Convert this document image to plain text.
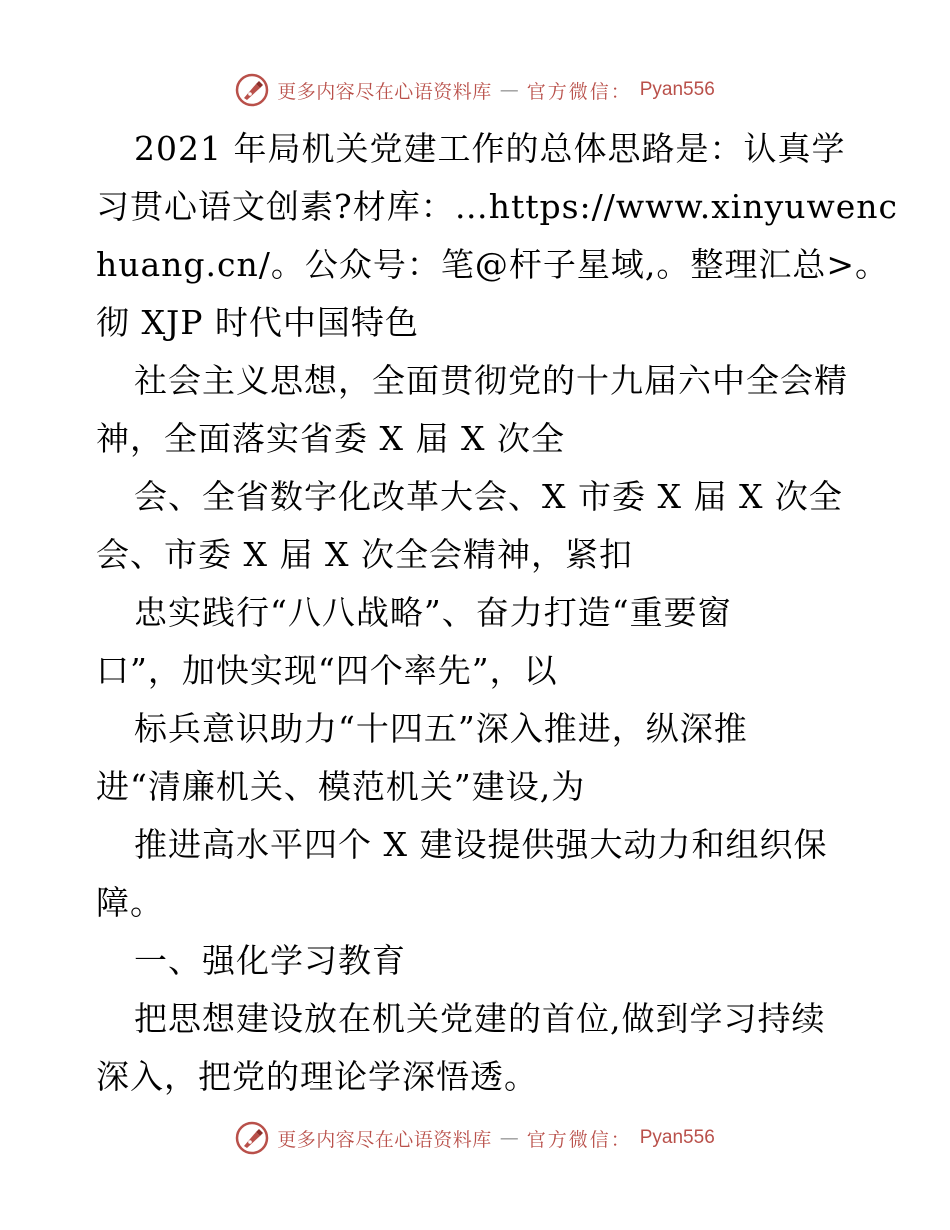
更多内容尽在心语资料库 — 官方微信： Pyan556
2021 年局机关党建工作的总体思路是：认真学
习贯心语文创素?材库：…https://www.xinyuwenc
huang.cn/。公众号：笔@杆子星域,。整理汇总>。
彻 XJP 时代中国特色
社会主义思想，全面贯彻党的十九届六中全会精
神，全面落实省委 X 届 X 次全
会、全省数字化改革大会、X 市委 X 届 X 次全
会、市委 X 届 X 次全会精神，紧扣
忠实践行“八八战略”、奋力打造“重要窗
口”，加快实现“四个率先”，以
标兵意识助力“十四五”深入推进，纵深推
进“清廉机关、模范机关”建设,为
推进高水平四个 X 建设提供强大动力和组织保
障。
一、强化学习教育
把思想建设放在机关党建的首位,做到学习持续
深入，把党的理论学深悟透。
更多内容尽在心语资料库 — 官方微信： Pyan556
